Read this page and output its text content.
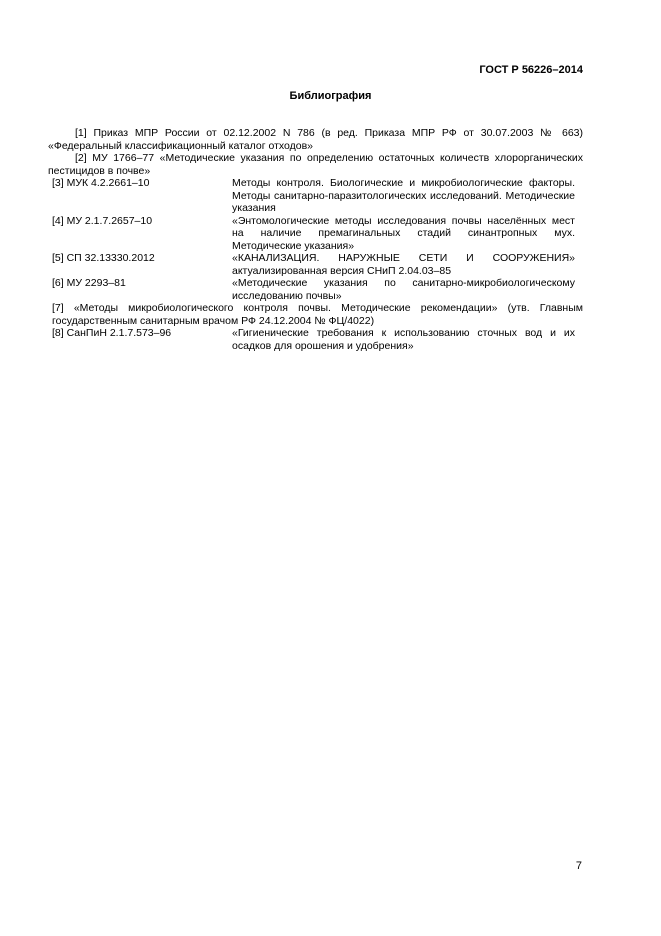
ГОСТ Р 56226–2014
Библиография

[1] Приказ МПР России от 02.12.2002 N 786 (в ред. Приказа МПР РФ от 30.07.2003 № 663) «Федеральный классификационный каталог отходов»

[2] МУ 1766–77 «Методические указания по определению остаточных количеств хлорорганических пестицидов в почве»

[3] МУК 4.2.2661–10	Методы контроля. Биологические и микробиологические факторы. Методы санитарно-паразитологических исследований. Методические указания
[4] МУ 2.1.7.2657–10	«Энтомологические методы исследования почвы населённых мест на наличие премагинальных стадий синантропных мух. Методические указания»
[5] СП 32.13330.2012	«КАНАЛИЗАЦИЯ. НАРУЖНЫЕ СЕТИ И СООРУЖЕНИЯ» актуализированная версия СНиП 2.04.03–85
[6] МУ 2293–81	«Методические указания по санитарно-микробиологическому исследованию почвы»

[7] «Методы микробиологического контроля почвы. Методические рекомендации» (утв. Главным государственным санитарным врачом РФ 24.12.2004 № ФЦ/4022)

[8] СанПиН 2.1.7.573–96	«Гигиенические требования к использованию сточных вод и их осадков для орошения и удобрения»
7
